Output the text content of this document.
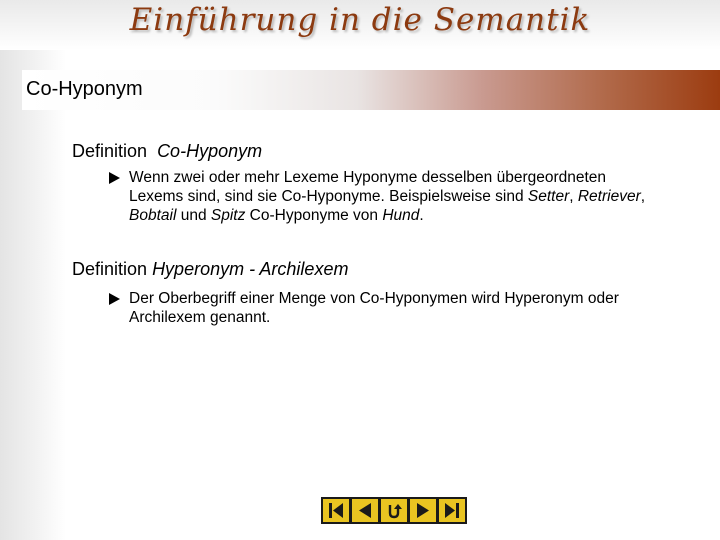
Einführung in die Semantik
Co-Hyponym
Definition Co-Hyponym
Wenn zwei oder mehr Lexeme Hyponyme desselben übergeordneten Lexems sind, sind sie Co-Hyponyme. Beispielsweise sind Setter, Retriever, Bobtail und Spitz Co-Hyponyme von Hund.
Definition Hyperonym - Archilexem
Der Oberbegriff einer Menge von Co-Hyponymen wird Hyperonym oder Archilexem genannt.
